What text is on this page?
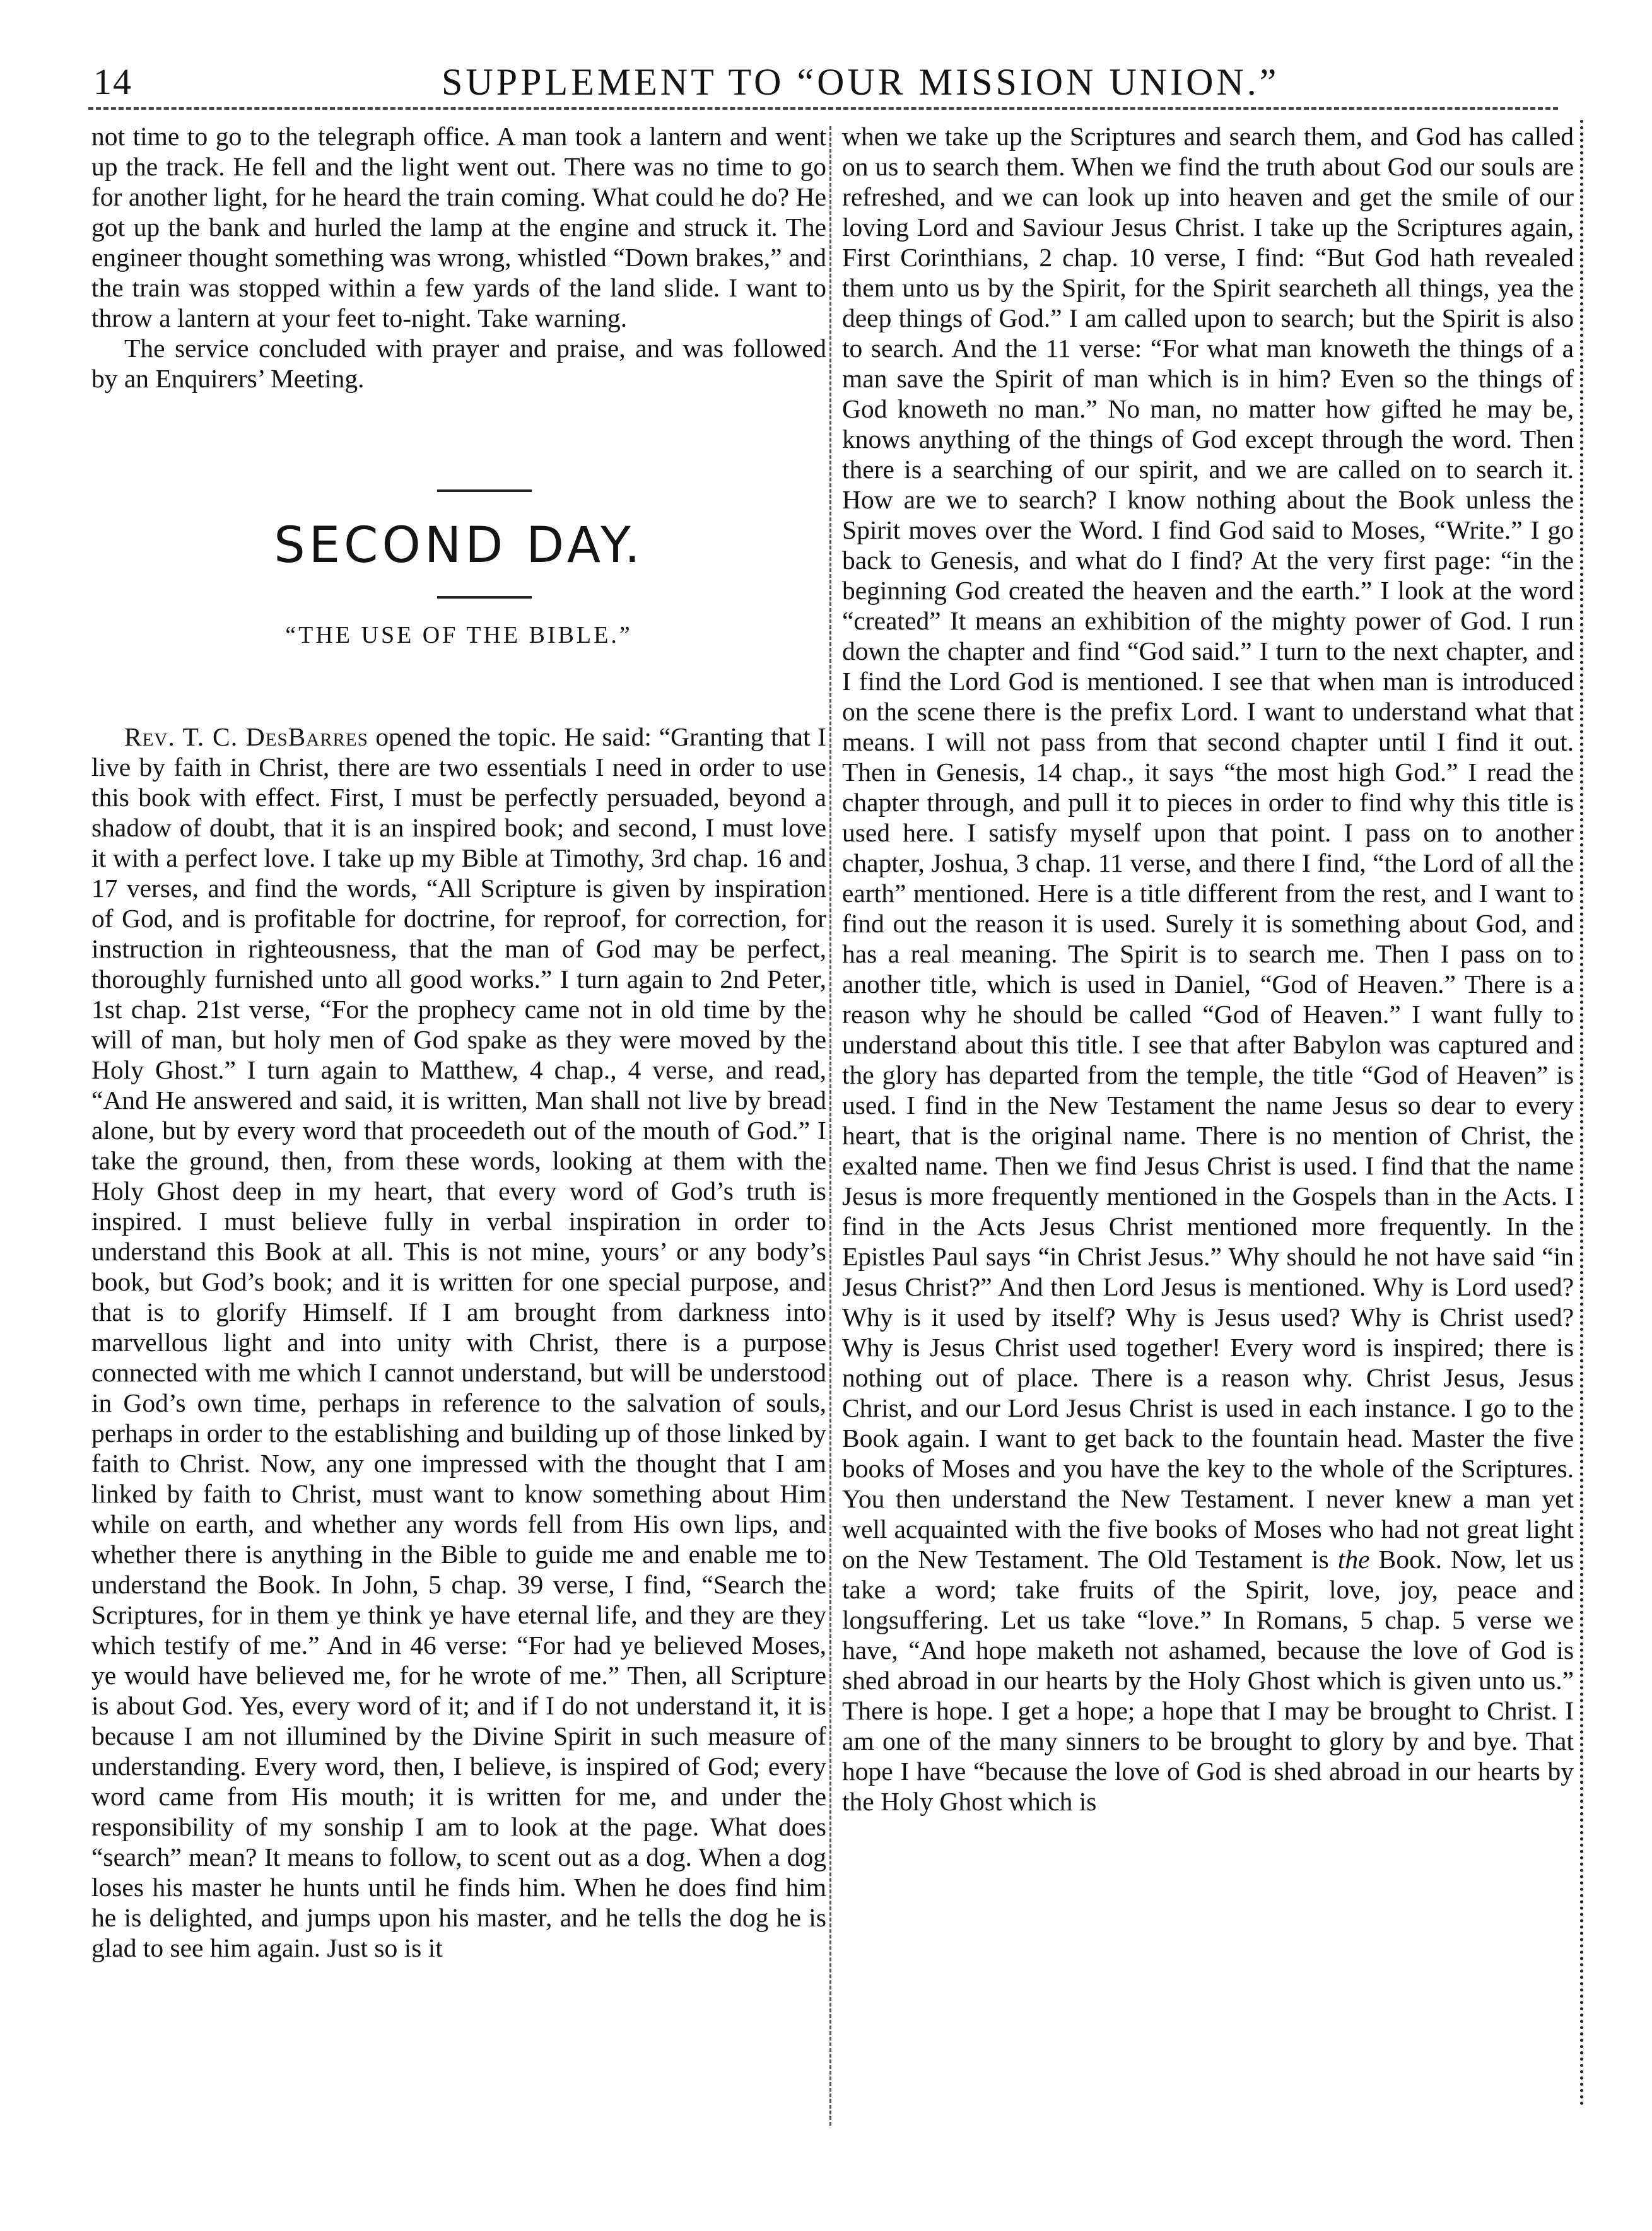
14	SUPPLEMENT TO “OUR MISSION UNION.”

not time to go to the telegraph office. A man took a lantern and went up the track. He fell and the light went out. There was no time to go for another light, for he heard the train coming. What could he do? He got up the bank and hurled the lamp at the engine and struck it. The engineer thought something was wrong, whistled “Down brakes,” and the train was stopped within a few yards of the land slide. I want to throw a lantern at your feet to-night. Take warning.

The service concluded with prayer and praise, and was followed by an Enquirers’ Meeting.

Rev. T. C. DesBarres opened the topic. He said: “Granting that I live by faith in Christ, there are two essentials I need in order to use this book with effect. First, I must be perfectly persuaded, beyond a shadow of doubt, that it is an inspired book; and second, I must love it with a perfect love. I take up my Bible at Timothy, 3rd chap. 16 and 17 verses, and find the words, “All Scripture is given by inspiration of God, and is profitable for doctrine, for reproof, for correction, for instruction in righteousness, that the man of God may be perfect, thoroughly furnished unto all good works.” I turn again to 2nd Peter, 1st chap. 21st verse, “For the prophecy came not in old time by the will of man, but holy men of God spake as they were moved by the Holy Ghost.” I turn again to Matthew, 4 chap., 4 verse, and read, “And He answered and said, it is written, Man shall not live by bread alone, but by every word that proceedeth out of the mouth of God.” I take the ground, then, from these words, looking at them with the Holy Ghost deep in my heart, that every word of God’s truth is inspired. I must believe fully in verbal inspiration in order to understand this Book at all. This is not mine, yours’ or any body’s book, but God’s book; and it is written for one special purpose, and that is to glorify Himself. If I am brought from darkness into marvellous light and into unity with Christ, there is a purpose connected with me which I cannot understand, but will be understood in God’s own time, perhaps in reference to the salvation of souls, perhaps in order to the establishing and building up of those linked by faith to Christ. Now, any one impressed with the thought that I am linked by faith to Christ, must want to know something about Him while on earth, and whether any words fell from His own lips, and whether there is anything in the Bible to guide me and enable me to understand the Book. In John, 5 chap. 39 verse, I find, “Search the Scriptures, for in them ye think ye have eternal life, and they are they which testify of me.” And in 46 verse: “For had ye believed Moses, ye would have believed me, for he wrote of me.” Then, all Scripture is about God. Yes, every word of it; and if I do not understand it, it is because I am not illumined by the Divine Spirit in such measure of understanding. Every word, then, I believe, is inspired of God; every word came from His mouth; it is written for me, and under the responsibility of my sonship I am to look at the page. What does “search” mean? It means to follow, to scent out as a dog. When a dog loses his master he hunts until he finds him. When he does find him he is delighted, and jumps upon his master, and he tells the dog he is glad to see him again. Just so is it

SECOND DAY.
“THE USE OF THE BIBLE.”

when we take up the Scriptures and search them, and God has called on us to search them. When we find the truth about God our souls are refreshed, and we can look up into heaven and get the smile of our loving Lord and Saviour Jesus Christ. I take up the Scriptures again, First Corinthians, 2 chap. 10 verse, I find: “But God hath revealed them unto us by the Spirit, for the Spirit searcheth all things, yea the deep things of God.” I am called upon to search; but the Spirit is also to search. And the 11 verse: “For what man knoweth the things of a man save the Spirit of man which is in him? Even so the things of God knoweth no man.” No man, no matter how gifted he may be, knows anything of the things of God except through the word. Then there is a searching of our spirit, and we are called on to search it. How are we to search? I know nothing about the Book unless the Spirit moves over the Word. I find God said to Moses, “Write.” I go back to Genesis, and what do I find? At the very first page: “in the beginning God created the heaven and the earth.” I look at the word “created” It means an exhibition of the mighty power of God. I run down the chapter and find “God said.” I turn to the next chapter, and I find the Lord God is mentioned. I see that when man is introduced on the scene there is the prefix Lord. I want to understand what that means. I will not pass from that second chapter until I find it out. Then in Genesis, 14 chap., it says “the most high God.” I read the chapter through, and pull it to pieces in order to find why this title is used here. I satisfy myself upon that point. I pass on to another chapter, Joshua, 3 chap. 11 verse, and there I find, “the Lord of all the earth” mentioned. Here is a title different from the rest, and I want to find out the reason it is used. Surely it is something about God, and has a real meaning. The Spirit is to search me. Then I pass on to another title, which is used in Daniel, “God of Heaven.” There is a reason why he should be called “God of Heaven.” I want fully to understand about this title. I see that after Babylon was captured and the glory has departed from the temple, the title “God of Heaven” is used. I find in the New Testament the name Jesus so dear to every heart, that is the original name. There is no mention of Christ, the exalted name. Then we find Jesus Christ is used. I find that the name Jesus is more frequently mentioned in the Gospels than in the Acts. I find in the Acts Jesus Christ mentioned more frequently. In the Epistles Paul says “in Christ Jesus.” Why should he not have said “in Jesus Christ?” And then Lord Jesus is mentioned. Why is Lord used? Why is it used by itself? Why is Jesus used? Why is Christ used? Why is Jesus Christ used together! Every word is inspired; there is nothing out of place. There is a reason why. Christ Jesus, Jesus Christ, and our Lord Jesus Christ is used in each instance. I go to the Book again. I want to get back to the fountain head. Master the five books of Moses and you have the key to the whole of the Scriptures. You then understand the New Testament. I never knew a man yet well acquainted with the five books of Moses who had not great light on the New Testament. The Old Testament is the Book. Now, let us take a word; take fruits of the Spirit, love, joy, peace and longsuffering. Let us take “love.” In Romans, 5 chap. 5 verse we have, “And hope maketh not ashamed, because the love of God is shed abroad in our hearts by the Holy Ghost which is given unto us.” There is hope. I get a hope; a hope that I may be brought to Christ. I am one of the many sinners to be brought to glory by and bye. That hope I have “because the love of God is shed abroad in our hearts by the Holy Ghost which is
